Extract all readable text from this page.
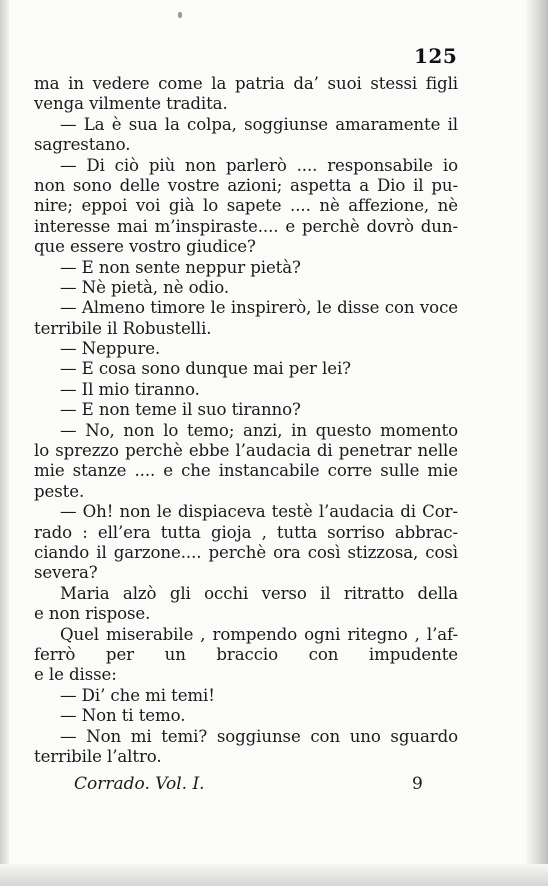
125
ma in vedere come la patria da’ suoi stessi figli
venga vilmente tradita.
— La è sua la colpa, soggiunse amaramente il
sagrestano.
— Di ciò più non parlerò .... responsabile io
non sono delle vostre azioni; aspetta a Dio il pu-
nire; eppoi voi già lo sapete .... nè affezione, nè
interesse mai m’inspiraste.... e perchè dovrò dun-
que essere vostro giudice?
— E non sente neppur pietà?
— Nè pietà, nè odio.
— Almeno timore le inspirerò, le disse con voce
terribile il Robustelli.
— Neppure.
— E cosa sono dunque mai per lei?
— Il mio tiranno.
— E non teme il suo tiranno?
— No, non lo temo; anzi, in questo momento
lo sprezzo perchè ebbe l’audacia di penetrar nelle
mie stanze .... e che instancabile corre sulle mie
peste.
— Oh! non le dispiaceva testè l’audacia di Cor-
rado : ell’era tutta gioja , tutta sorriso abbrac-
ciando il garzone.... perchè ora così stizzosa, così
severa?
Maria alzò gli occhi verso il ritratto della
e non rispose.
Quel miserabile , rompendo ogni ritegno , l’af-
ferrò per un braccio con impudente
e le disse:
— Di’ che mi temi!
— Non ti temo.
— Non mi temi? soggiunse con uno sguardo
terribile l’altro.
Corrado. Vol. I.	9
